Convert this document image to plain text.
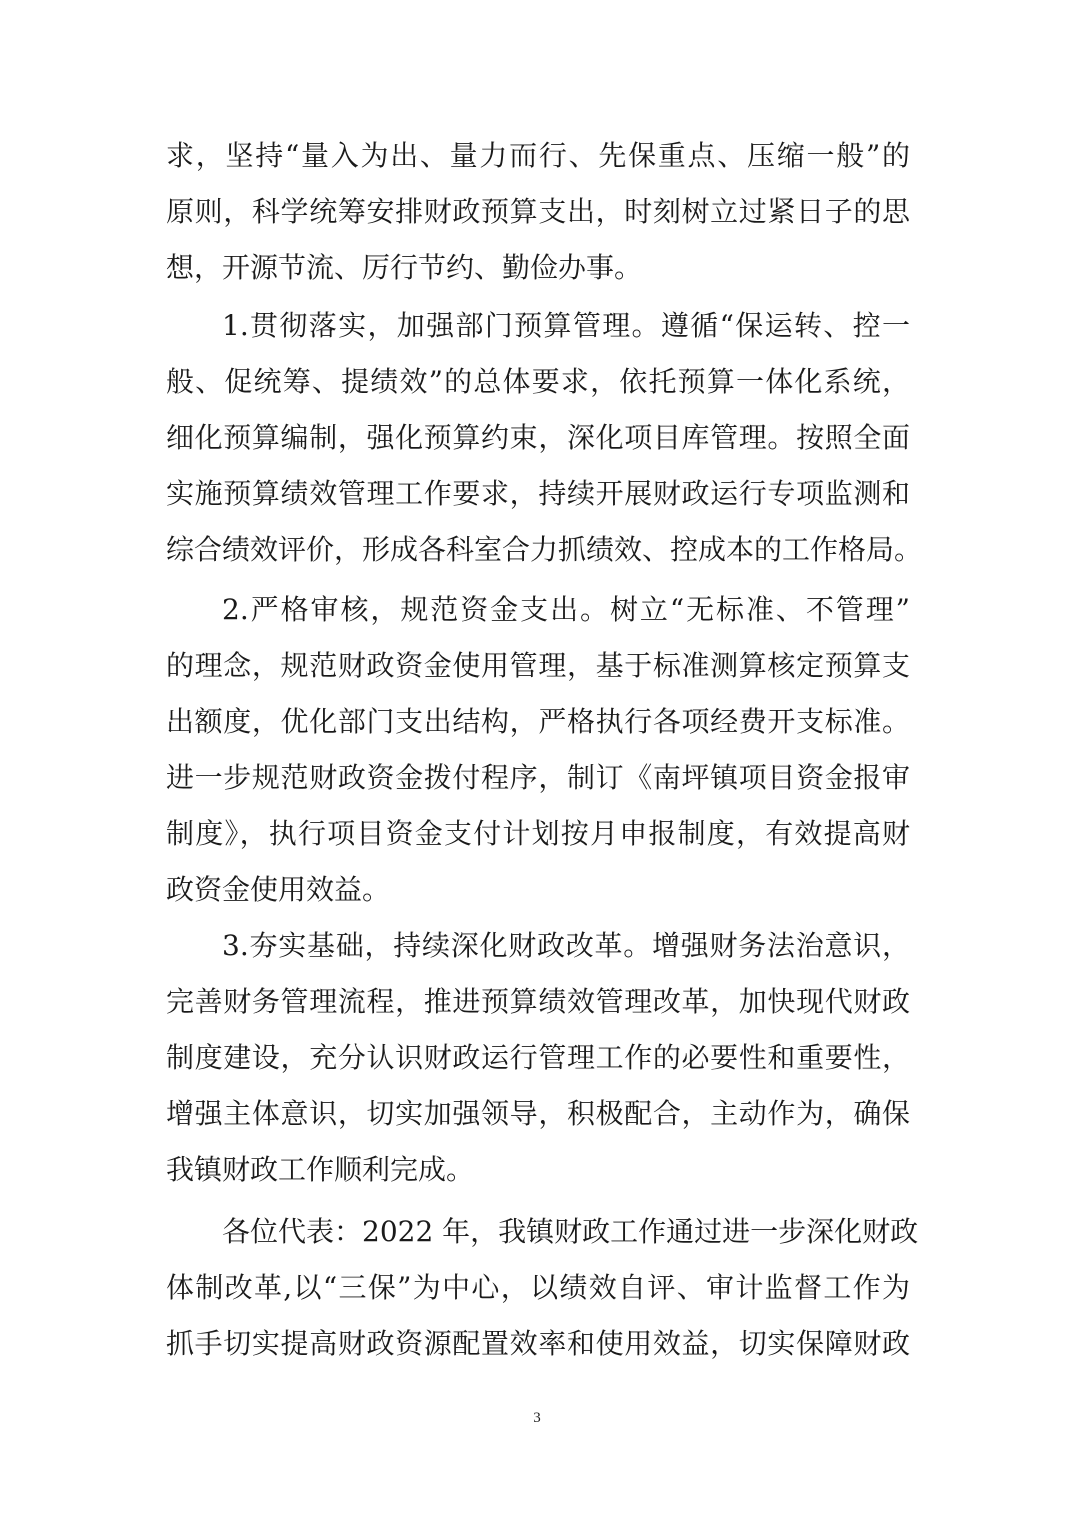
求，坚持“量入为出、量力而行、先保重点、压缩一般”的
原则，科学统筹安排财政预算支出，时刻树立过紧日子的思
想，开源节流、厉行节约、勤俭办事。
1.贯彻落实，加强部门预算管理。遵循“保运转、控一
般、促统筹、提绩效”的总体要求，依托预算一体化系统，
细化预算编制，强化预算约束，深化项目库管理。按照全面
实施预算绩效管理工作要求，持续开展财政运行专项监测和
综合绩效评价，形成各科室合力抓绩效、控成本的工作格局。
2.严格审核，规范资金支出。树立“无标准、不管理”
的理念，规范财政资金使用管理，基于标准测算核定预算支
出额度，优化部门支出结构，严格执行各项经费开支标准。
进一步规范财政资金拨付程序，制订《南坪镇项目资金报审
制度》，执行项目资金支付计划按月申报制度，有效提高财
政资金使用效益。
3.夯实基础，持续深化财政改革。增强财务法治意识，
完善财务管理流程，推进预算绩效管理改革，加快现代财政
制度建设，充分认识财政运行管理工作的必要性和重要性，
增强主体意识，切实加强领导，积极配合，主动作为，确保
我镇财政工作顺利完成。
各位代表：2022 年，我镇财政工作通过进一步深化财政
体制改革,以“三保”为中心，以绩效自评、审计监督工作为
抓手切实提高财政资源配置效率和使用效益，切实保障财政
3
